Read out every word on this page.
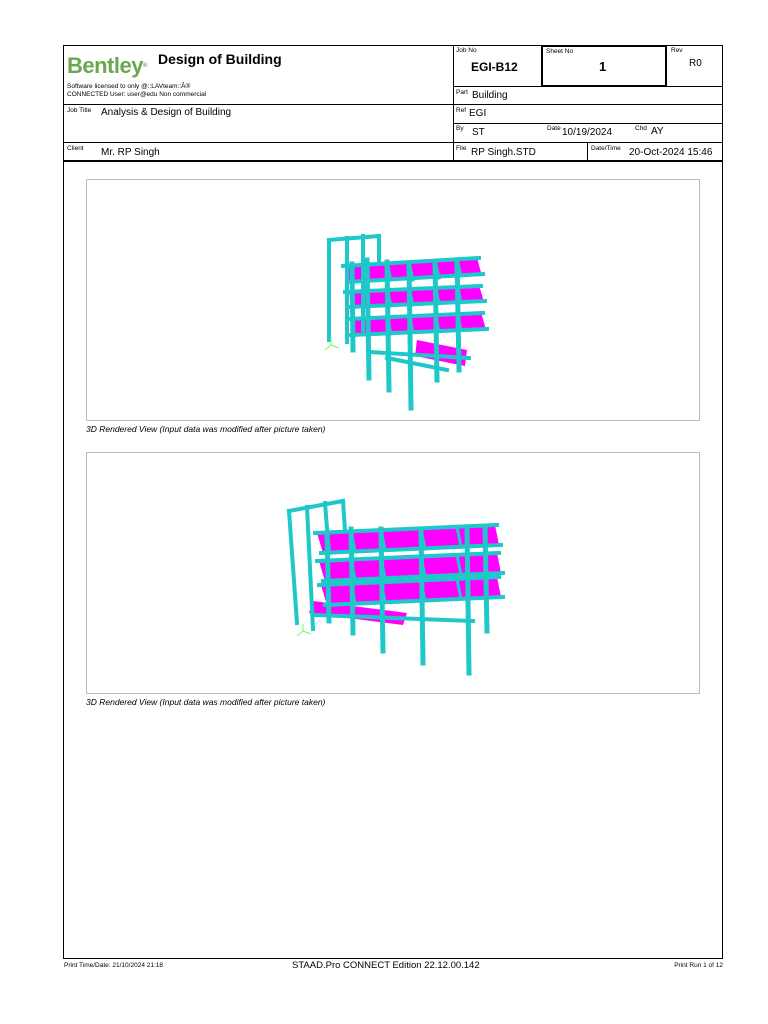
Bentley® Design of Building
Software licensed to only @::LAVteam::Â®
CONNECTED User: user@edu Non commercial
Job No
EGI-B12
Sheet No
1
Rev
R0
Part Building
Job Title Analysis & Design of Building	Ref EGI
By ST	Date 10/19/2024	Chd AY
Client Mr. RP Singh	File RP Singh.STD	Date/Time 20-Oct-2024 15:46
3D Rendered View (Input data was modified after picture taken)
3D Rendered View (Input data was modified after picture taken)
Print Time/Date: 21/10/2024 21:18	STAAD.Pro CONNECT Edition 22.12.00.142	Print Run 1 of 12
